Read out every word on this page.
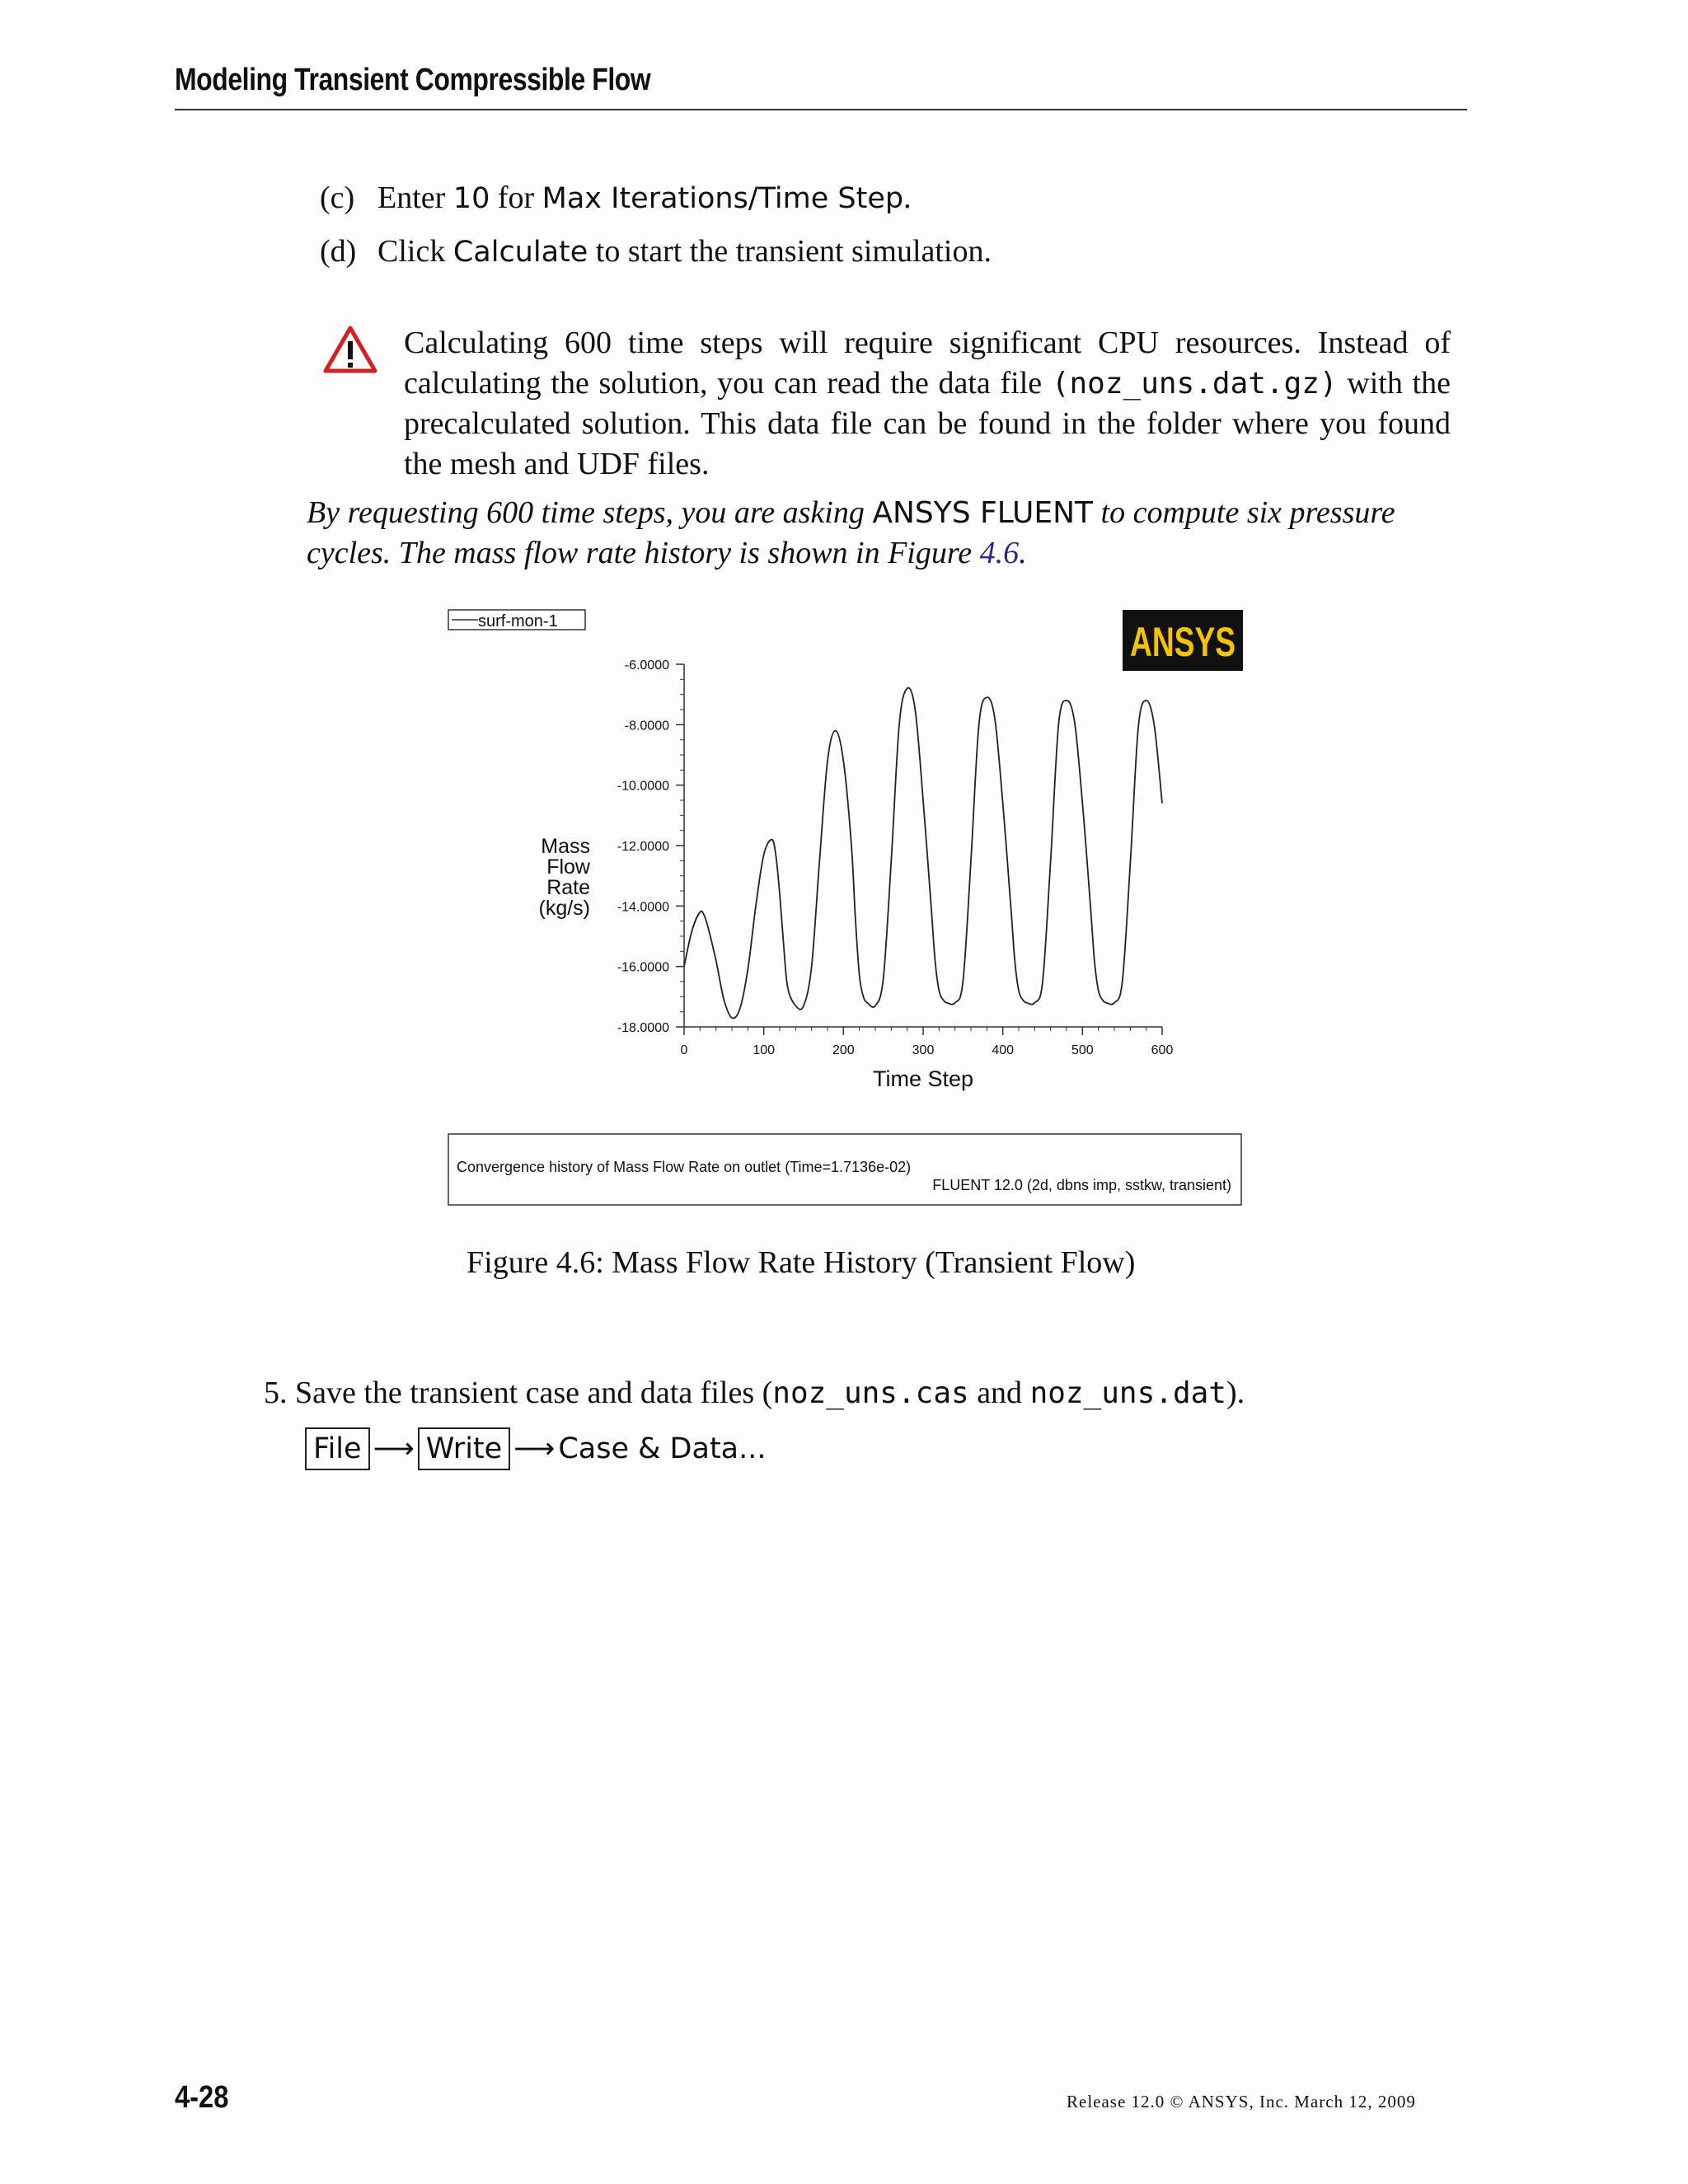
Modeling Transient Compressible Flow
(c) Enter 10 for Max Iterations/Time Step.
(d) Click Calculate to start the transient simulation.
Calculating 600 time steps will require significant CPU resources. Instead of calculating the solution, you can read the data file (noz_uns.dat.gz) with the precalculated solution. This data file can be found in the folder where you found the mesh and UDF files.
By requesting 600 time steps, you are asking ANSYS FLUENT to compute six pressure cycles. The mass flow rate history is shown in Figure 4.6.
surf-mon-1	ANSYS
-6.0000
-8.0000
-10.0000
-12.0000
-14.0000
-16.0000
-18.0000
0	100	200	300	400	500	600
Mass
Flow
Rate
(kg/s)
Time Step
Convergence history of Mass Flow Rate on outlet (Time=1.7136e-02)
FLUENT 12.0 (2d, dbns imp, sstkw, transient)
Figure 4.6: Mass Flow Rate History (Transient Flow)
5. Save the transient case and data files (noz_uns.cas and noz_uns.dat).
File ⟶ Write ⟶ Case & Data...
4-28	Release 12.0 © ANSYS, Inc. March 12, 2009
